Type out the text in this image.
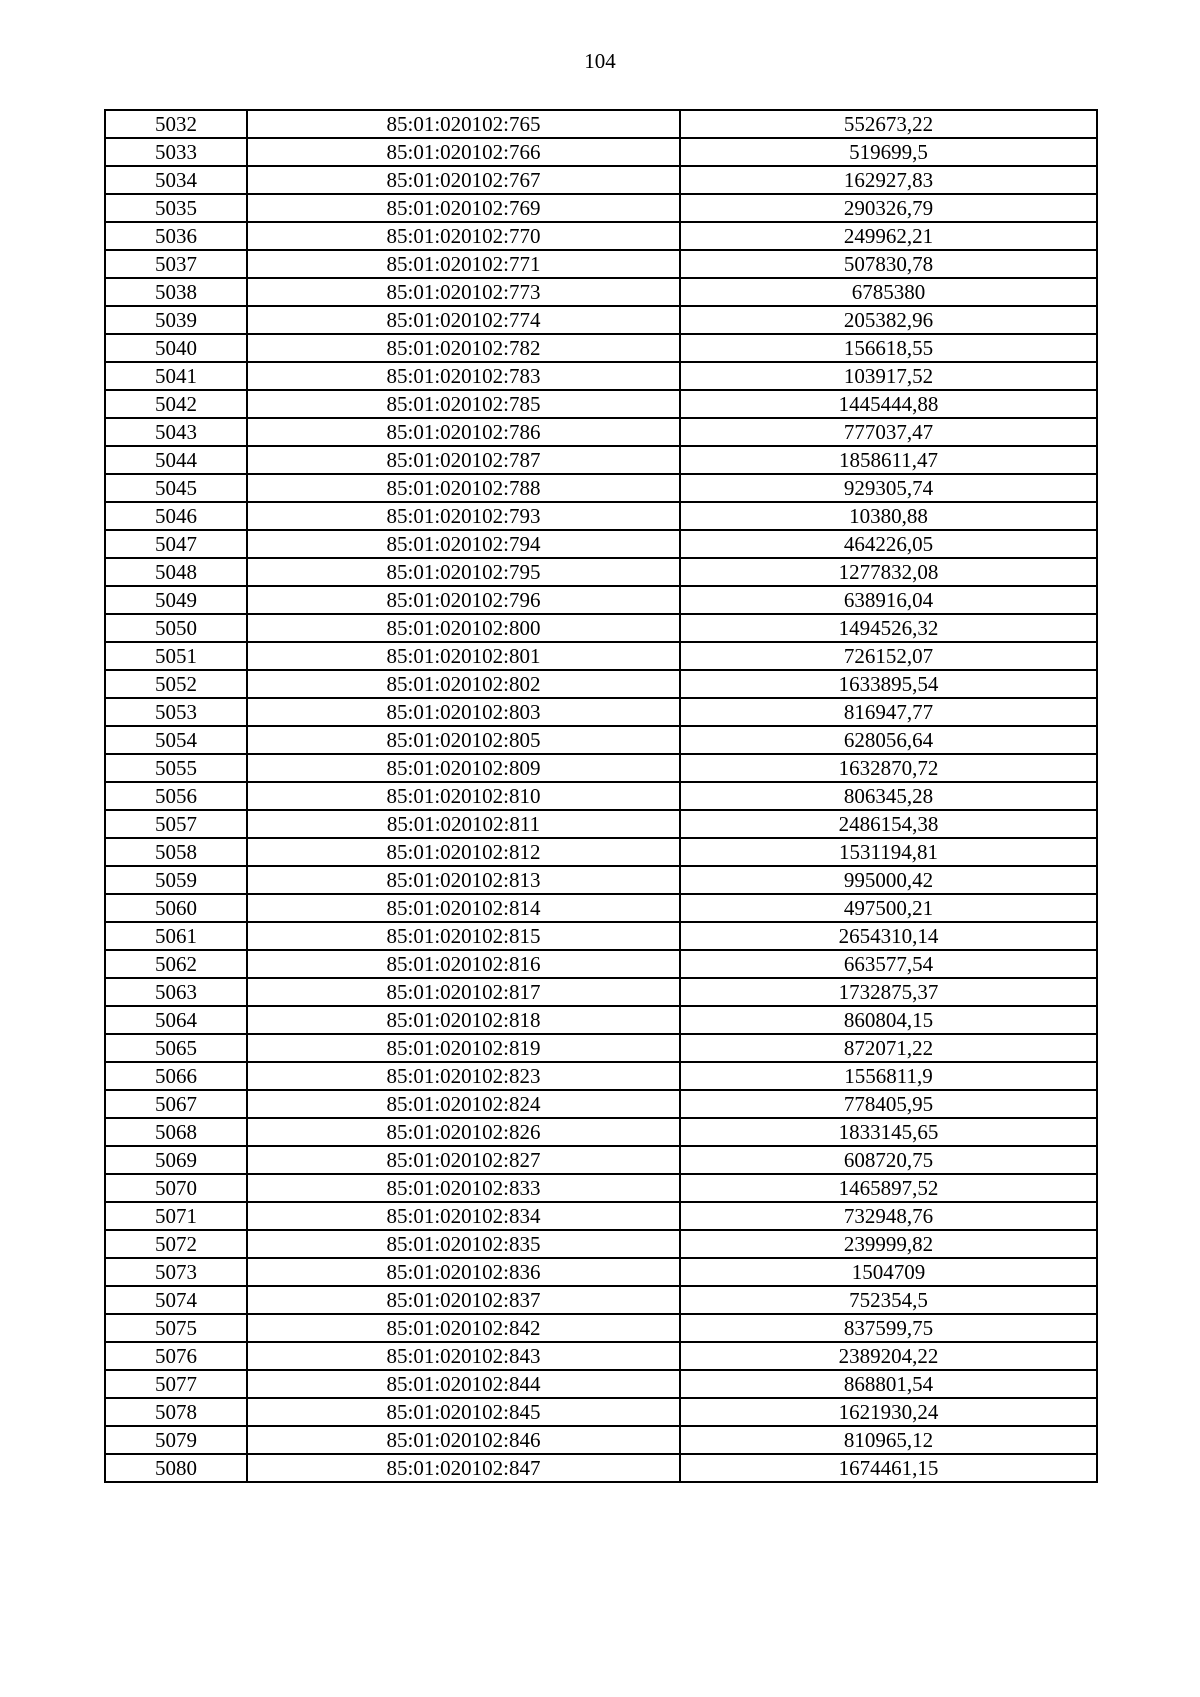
104
5032	85:01:020102:765	552673,22
5033	85:01:020102:766	519699,5
5034	85:01:020102:767	162927,83
5035	85:01:020102:769	290326,79
5036	85:01:020102:770	249962,21
5037	85:01:020102:771	507830,78
5038	85:01:020102:773	6785380
5039	85:01:020102:774	205382,96
5040	85:01:020102:782	156618,55
5041	85:01:020102:783	103917,52
5042	85:01:020102:785	1445444,88
5043	85:01:020102:786	777037,47
5044	85:01:020102:787	1858611,47
5045	85:01:020102:788	929305,74
5046	85:01:020102:793	10380,88
5047	85:01:020102:794	464226,05
5048	85:01:020102:795	1277832,08
5049	85:01:020102:796	638916,04
5050	85:01:020102:800	1494526,32
5051	85:01:020102:801	726152,07
5052	85:01:020102:802	1633895,54
5053	85:01:020102:803	816947,77
5054	85:01:020102:805	628056,64
5055	85:01:020102:809	1632870,72
5056	85:01:020102:810	806345,28
5057	85:01:020102:811	2486154,38
5058	85:01:020102:812	1531194,81
5059	85:01:020102:813	995000,42
5060	85:01:020102:814	497500,21
5061	85:01:020102:815	2654310,14
5062	85:01:020102:816	663577,54
5063	85:01:020102:817	1732875,37
5064	85:01:020102:818	860804,15
5065	85:01:020102:819	872071,22
5066	85:01:020102:823	1556811,9
5067	85:01:020102:824	778405,95
5068	85:01:020102:826	1833145,65
5069	85:01:020102:827	608720,75
5070	85:01:020102:833	1465897,52
5071	85:01:020102:834	732948,76
5072	85:01:020102:835	239999,82
5073	85:01:020102:836	1504709
5074	85:01:020102:837	752354,5
5075	85:01:020102:842	837599,75
5076	85:01:020102:843	2389204,22
5077	85:01:020102:844	868801,54
5078	85:01:020102:845	1621930,24
5079	85:01:020102:846	810965,12
5080	85:01:020102:847	1674461,15
